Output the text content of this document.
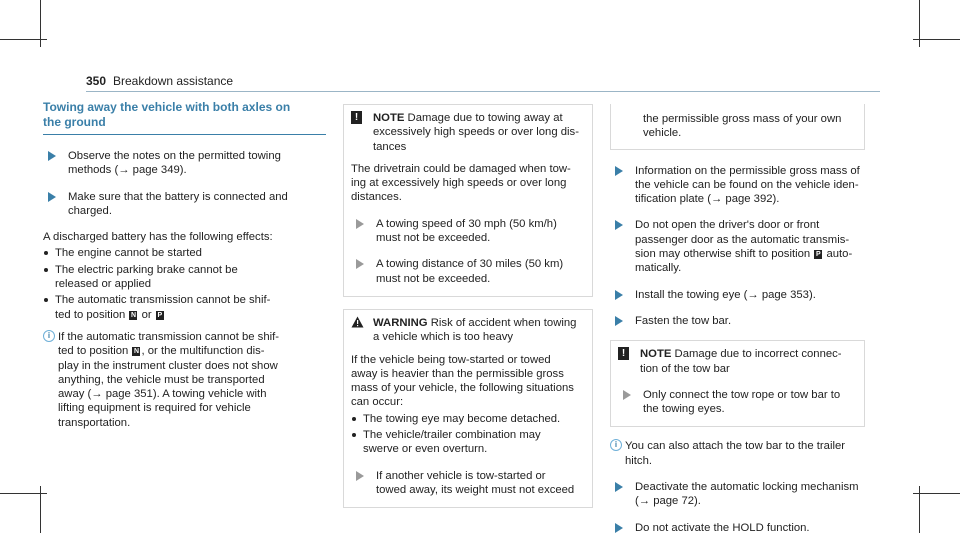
350 Breakdown assistance
Towing away the vehicle with both axles on
the ground
Observe the notes on the permitted towing
methods (→ page 349).
Make sure that the battery is connected and
charged.
A discharged battery has the following effects:
The engine cannot be started
The electric parking brake cannot be
released or applied
The automatic transmission cannot be shif-
ted to position N or P
i If the automatic transmission cannot be shif-
ted to position N , or the multifunction dis-
play in the instrument cluster does not show
anything, the vehicle must be transported
away (→ page 351). A towing vehicle with
lifting equipment is required for vehicle
transportation.
!	NOTE Damage due to towing away at
excessively high speeds or over long dis-
tances
The drivetrain could be damaged when tow-
ing at excessively high speeds or over long
distances.
A towing speed of 30 mph (50 km/h)
must not be exceeded.
A towing distance of 30 miles (50 km)
must not be exceeded.
WARNING Risk of accident when towing
a vehicle which is too heavy
If the vehicle being tow-started or towed
away is heavier than the permissible gross
mass of your vehicle, the following situations
can occur:
The towing eye may become detached.
The vehicle/trailer combination may
swerve or even overturn.
If another vehicle is tow-started or
towed away, its weight must not exceed
the permissible gross mass of your own
vehicle.
Information on the permissible gross mass of
the vehicle can be found on the vehicle iden-
tification plate (→ page 392).
Do not open the driver's door or front
passenger door as the automatic transmis-
sion may otherwise shift to position P auto-
matically.
Install the towing eye (→ page 353).
Fasten the tow bar.
!	NOTE Damage due to incorrect connec-
tion of the tow bar
Only connect the tow rope or tow bar to
the towing eyes.
i You can also attach the tow bar to the trailer
hitch.
Deactivate the automatic locking mechanism
(→ page 72).
Do not activate the HOLD function.
